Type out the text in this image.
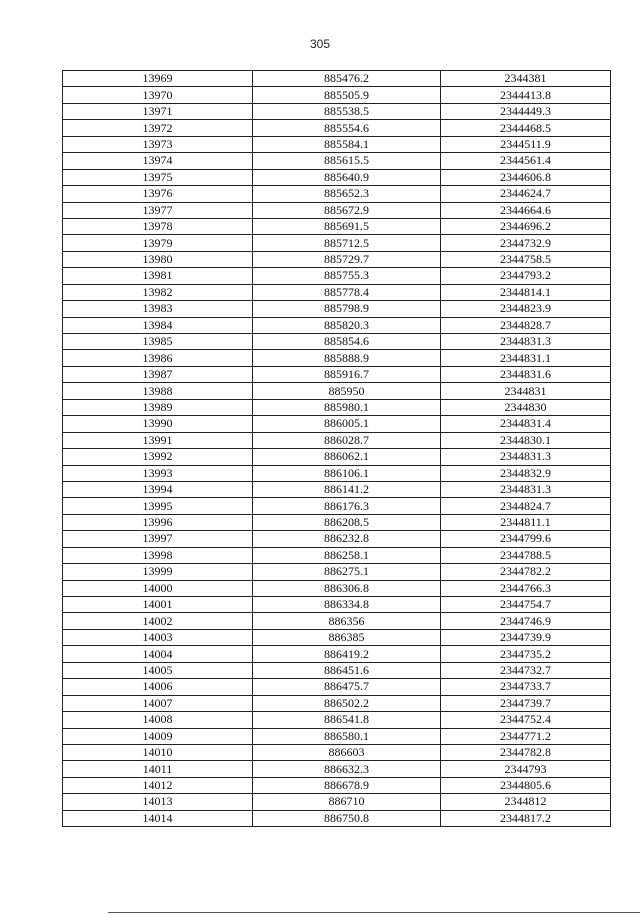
305
13969	885476.2	2344381
13970	885505.9	2344413.8
13971	885538.5	2344449.3
13972	885554.6	2344468.5
13973	885584.1	2344511.9
13974	885615.5	2344561.4
13975	885640.9	2344606.8
13976	885652.3	2344624.7
13977	885672.9	2344664.6
13978	885691.5	2344696.2
13979	885712.5	2344732.9
13980	885729.7	2344758.5
13981	885755.3	2344793.2
13982	885778.4	2344814.1
13983	885798.9	2344823.9
13984	885820.3	2344828.7
13985	885854.6	2344831.3
13986	885888.9	2344831.1
13987	885916.7	2344831.6
13988	885950	2344831
13989	885980.1	2344830
13990	886005.1	2344831.4
13991	886028.7	2344830.1
13992	886062.1	2344831.3
13993	886106.1	2344832.9
13994	886141.2	2344831.3
13995	886176.3	2344824.7
13996	886208.5	2344811.1
13997	886232.8	2344799.6
13998	886258.1	2344788.5
13999	886275.1	2344782.2
14000	886306.8	2344766.3
14001	886334.8	2344754.7
14002	886356	2344746.9
14003	886385	2344739.9
14004	886419.2	2344735.2
14005	886451.6	2344732.7
14006	886475.7	2344733.7
14007	886502.2	2344739.7
14008	886541.8	2344752.4
14009	886580.1	2344771.2
14010	886603	2344782.8
14011	886632.3	2344793
14012	886678.9	2344805.6
14013	886710	2344812
14014	886750.8	2344817.2
